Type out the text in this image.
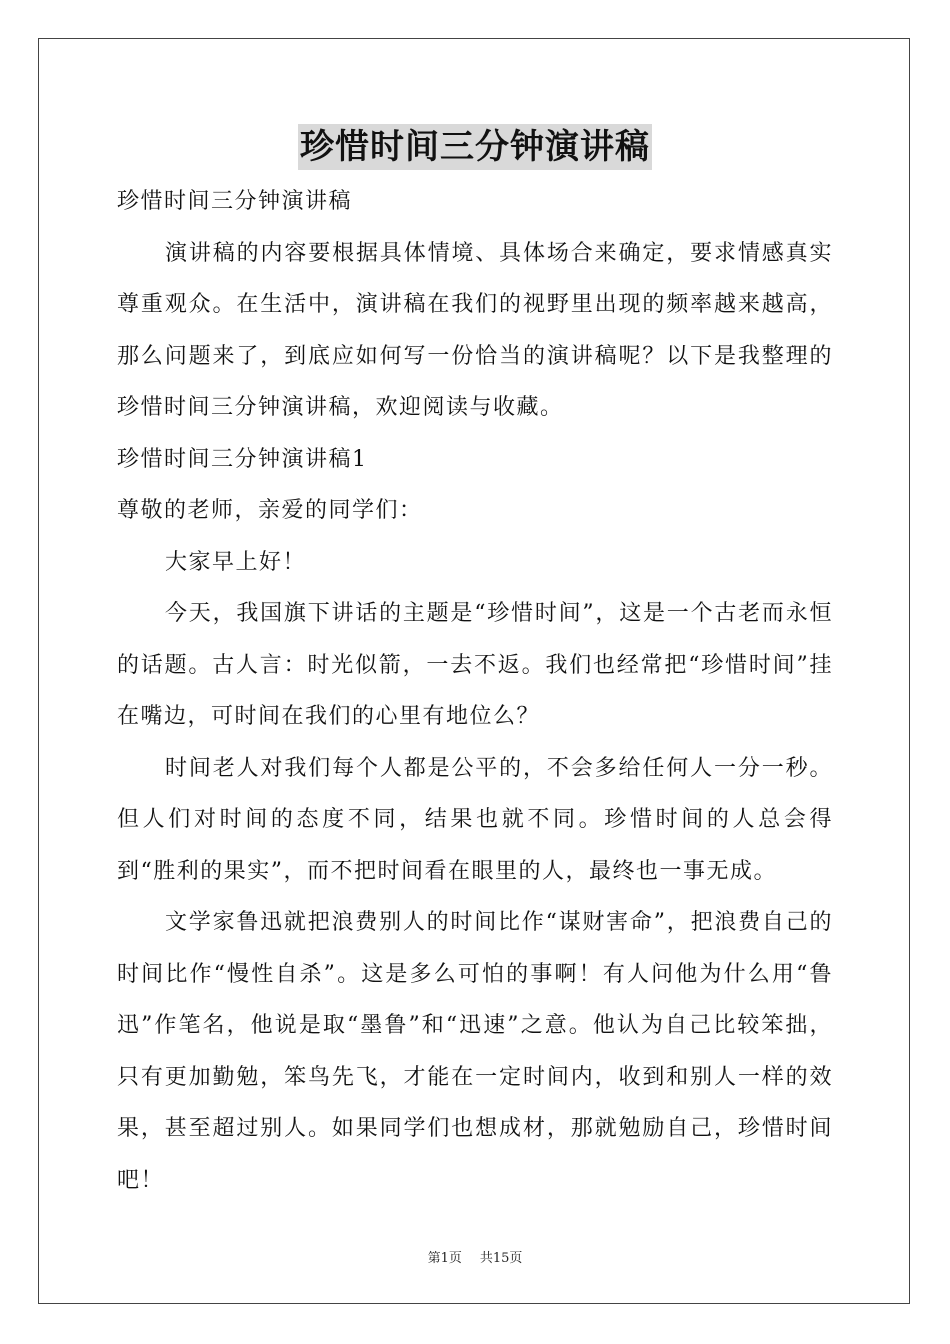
珍惜时间三分钟演讲稿

珍惜时间三分钟演讲稿

演讲稿的内容要根据具体情境、具体场合来确定，要求情感真实尊重观众。在生活中，演讲稿在我们的视野里出现的频率越来越高，那么问题来了，到底应如何写一份恰当的演讲稿呢？以下是我整理的珍惜时间三分钟演讲稿，欢迎阅读与收藏。

珍惜时间三分钟演讲稿1

尊敬的老师，亲爱的同学们：

大家早上好！

今天，我国旗下讲话的主题是“珍惜时间”，这是一个古老而永恒的话题。古人言：时光似箭，一去不返。我们也经常把“珍惜时间”挂在嘴边，可时间在我们的心里有地位么？

时间老人对我们每个人都是公平的，不会多给任何人一分一秒。但人们对时间的态度不同，结果也就不同。珍惜时间的人总会得到“胜利的果实”，而不把时间看在眼里的人，最终也一事无成。

文学家鲁迅就把浪费别人的时间比作“谋财害命”，把浪费自己的时间比作“慢性自杀”。这是多么可怕的事啊！有人问他为什么用“鲁迅”作笔名，他说是取“墨鲁”和“迅速”之意。他认为自己比较笨拙，只有更加勤勉，笨鸟先飞，才能在一定时间内，收到和别人一样的效果，甚至超过别人。如果同学们也想成材，那就勉励自己，珍惜时间吧！

第1页 共15页
